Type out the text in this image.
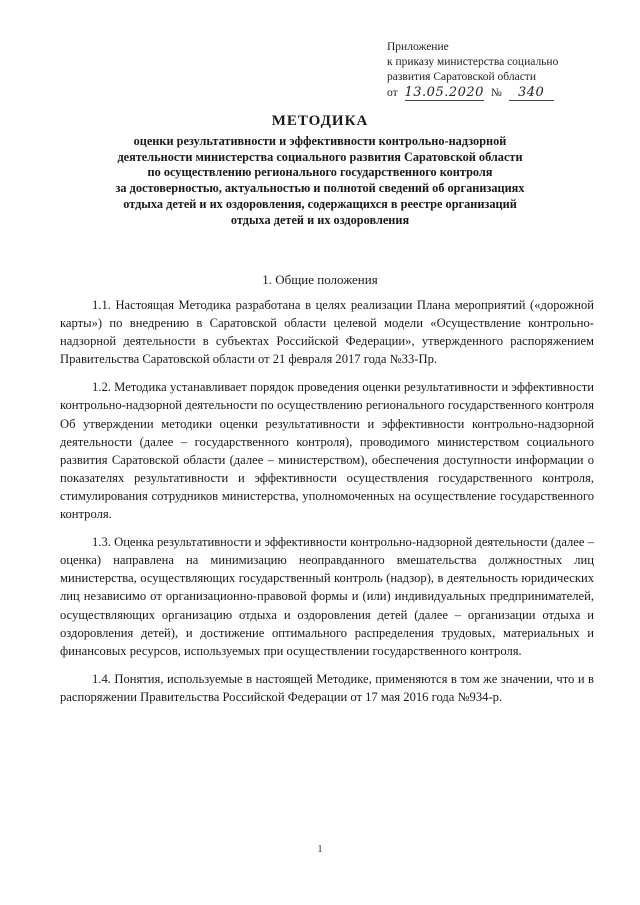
Приложение
к приказу министерства социально
развития Саратовской области
от 13.05.2020 № 340
МЕТОДИКА
оценки результативности и эффективности контрольно-надзорной
деятельности министерства социального развития Саратовской области
по осуществлению регионального государственного контроля
за достоверностью, актуальностью и полнотой сведений об организациях
отдыха детей и их оздоровления, содержащихся в реестре организаций
отдыха детей и их оздоровления
1. Общие положения

1.1. Настоящая Методика разработана в целях реализации Плана мероприятий («дорожной карты») по внедрению в Саратовской области целевой модели «Осуществление контрольно-надзорной деятельности в субъектах Российской Федерации», утвержденного распоряжением Правительства Саратовской области от 21 февраля 2017 года №33-Пр.

1.2. Методика устанавливает порядок проведения оценки результативности и эффективности контрольно-надзорной деятельности по осуществлению регионального государственного контроля Об утверждении методики оценки результативности и эффективности контрольно-надзорной деятельности (далее – государственного контроля), проводимого министерством социального развития Саратовской области (далее – министерством), обеспечения доступности информации о показателях результативности и эффективности осуществления государственного контроля, стимулирования сотрудников министерства, уполномоченных на осуществление государственного контроля.

1.3. Оценка результативности и эффективности контрольно-надзорной деятельности (далее – оценка) направлена на минимизацию неоправданного вмешательства должностных лиц министерства, осуществляющих государственный контроль (надзор), в деятельность юридических лиц независимо от организационно-правовой формы и (или) индивидуальных предпринимателей, осуществляющих организацию отдыха и оздоровления детей (далее – организации отдыха и оздоровления детей), и достижение оптимального распределения трудовых, материальных и финансовых ресурсов, используемых при осуществлении государственного контроля.

1.4. Понятия, используемые в настоящей Методике, применяются в том же значении, что и в распоряжении Правительства Российской Федерации от 17 мая 2016 года №934-р.

1
